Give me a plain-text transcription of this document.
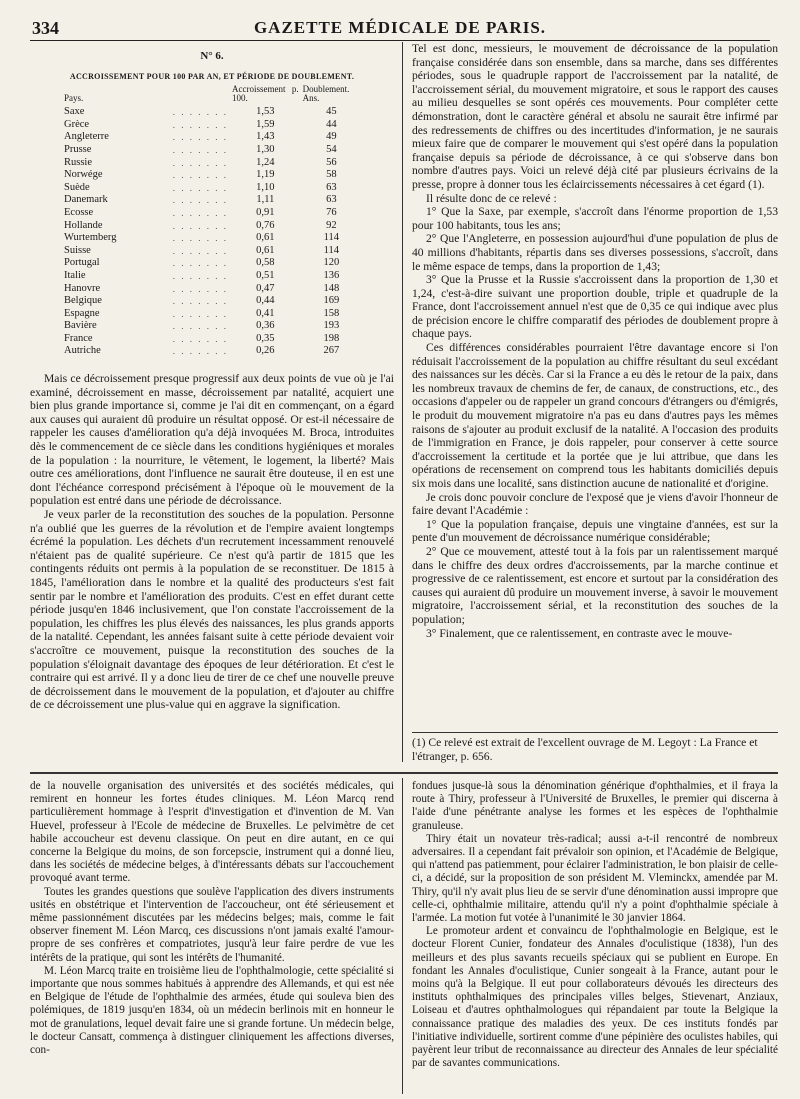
334	GAZETTE MÉDICALE DE PARIS.
N° 6.
ACCROISSEMENT POUR 100 PAR AN, ET PÉRIODE DE DOUBLEMENT.
Pays.		Accroissement p. 100.	Doublement. Ans.
Saxe	. . . . . . .	1,53	45
Grèce	. . . . . . .	1,59	44
Angleterre	. . . . . . .	1,43	49
Prusse	. . . . . . .	1,30	54
Russie	. . . . . . .	1,24	56
Norwége	. . . . . . .	1,19	58
Suède	. . . . . . .	1,10	63
Danemark	. . . . . . .	1,11	63
Ecosse	. . . . . . .	0,91	76
Hollande	. . . . . . .	0,76	92
Wurtemberg	. . . . . . .	0,61	114
Suisse	. . . . . . .	0,61	114
Portugal	. . . . . . .	0,58	120
Italie	. . . . . . .	0,51	136
Hanovre	. . . . . . .	0,47	148
Belgique	. . . . . . .	0,44	169
Espagne	. . . . . . .	0,41	158
Bavière	. . . . . . .	0,36	193
France	. . . . . . .	0,35	198
Autriche	. . . . . . .	0,26	267

Mais ce décroissement presque progressif aux deux points de vue où je l'ai examiné, décroissement en masse, décroissement par natalité, acquiert une bien plus grande importance si, comme je l'ai dit en commençant, on a égard aux causes qui auraient dû produire un résultat opposé. Or est-il nécessaire de rappeler les causes d'amélioration qu'a déjà invoquées M. Broca, introduites dès le commencement de ce siècle dans les conditions hygiéniques et morales de la population : la nourriture, le vêtement, le logement, la liberté? Mais outre ces améliorations, dont l'influence ne saurait être douteuse, il en est une dont l'échéance correspond précisément à l'époque où le mouvement de la population est entré dans une période de décroissance.

Je veux parler de la reconstitution des souches de la population. Personne n'a oublié que les guerres de la révolution et de l'empire avaient longtemps écrémé la population. Les déchets d'un recrutement incessamment renouvelé n'étaient pas de qualité supérieure. Ce n'est qu'à partir de 1815 que les contingents réduits ont permis à la population de se reconstituer. De 1815 à 1845, l'amélioration dans le nombre et la qualité des producteurs s'est fait sentir par le nombre et l'amélioration des produits. C'est en effet durant cette période jusqu'en 1846 inclusivement, que l'on constate l'accroissement de la population, les chiffres les plus élevés des naissances, les plus grands apports de la natalité. Cependant, les années faisant suite à cette période devaient voir s'accroître ce mouvement, puisque la reconstitution des souches de la population s'éloignait davantage des époques de leur détérioration. Et c'est le contraire qui est arrivé. Il y a donc lieu de tirer de ce chef une nouvelle preuve de décroissement dans le mouvement de la population, et d'ajouter au chiffre de ce décroissement une plus-value qui en aggrave la signification.

Tel est donc, messieurs, le mouvement de décroissance de la population française considérée dans son ensemble, dans sa marche, dans ses différentes périodes, sous le quadruple rapport de l'accroissement par la natalité, de l'accroissement sérial, du mouvement migratoire, et sous le rapport des causes au milieu desquelles se sont opérés ces mouvements. Pour compléter cette démonstration, dont le caractère général et absolu ne saurait être infirmé par des redressements de chiffres ou des incertitudes d'information, je ne saurais mieux faire que de comparer le mouvement qui s'est opéré dans la population française depuis sa période de décroissance, à ce qui s'observe dans bon nombre d'autres pays. Voici un relevé déjà cité par plusieurs écrivains de la presse, propre à donner tous les éclaircissements nécessaires à cet égard (1).

Il résulte donc de ce relevé :

1° Que la Saxe, par exemple, s'accroît dans l'énorme proportion de 1,53 pour 100 habitants, tous les ans;

2° Que l'Angleterre, en possession aujourd'hui d'une population de plus de 40 millions d'habitants, répartis dans ses diverses possessions, s'accroît, dans le même espace de temps, dans la proportion de 1,43;

3° Que la Prusse et la Russie s'accroissent dans la proportion de 1,30 et 1,24, c'est-à-dire suivant une proportion double, triple et quadruple de la France, dont l'accroissement annuel n'est que de 0,35 ce qui indique avec plus de précision encore le chiffre comparatif des périodes de doublement propre à chaque pays.

Ces différences considérables pourraient l'être davantage encore si l'on réduisait l'accroissement de la population au chiffre résultant du seul excédant des naissances sur les décès. Car si la France a eu dès le retour de la paix, dans les nombreux travaux de chemins de fer, de canaux, de constructions, etc., des occasions d'appeler ou de rappeler un grand concours d'étrangers ou d'émigrés, le produit du mouvement migratoire n'a pas eu dans d'autres pays les mêmes raisons de s'ajouter au produit exclusif de la natalité. A l'occasion des produits de l'immigration en France, je dois rappeler, pour conserver à cette source d'accroissement la certitude et la portée que je lui attribue, que dans les opérations de recensement on comprend tous les habitants domiciliés depuis six mois dans une localité, sans distinction aucune de nationalité et d'origine.

Je crois donc pouvoir conclure de l'exposé que je viens d'avoir l'honneur de faire devant l'Académie :

1° Que la population française, depuis une vingtaine d'années, est sur la pente d'un mouvement de décroissance numérique considérable;

2° Que ce mouvement, attesté tout à la fois par un ralentissement marqué dans le chiffre des deux ordres d'accroissements, par la marche continue et progressive de ce ralentissement, est encore et surtout par la considération des causes qui auraient dû produire un mouvement inverse, à savoir le mouvement migratoire, l'accroissement sérial, et la reconstitution des souches de la population;

3° Finalement, que ce ralentissement, en contraste avec le mouve-

(1) Ce relevé est extrait de l'excellent ouvrage de M. Legoyt : La France et l'étranger, p. 656.

de la nouvelle organisation des universités et des sociétés médicales, qui remirent en honneur les fortes études cliniques. M. Léon Marcq rend particulièrement hommage à l'esprit d'investigation et d'invention de M. Van Huevel, professeur à l'Ecole de médecine de Bruxelles. Le pelvimètre de cet habile accoucheur est devenu classique. On peut en dire autant, en ce qui concerne la Belgique du moins, de son forcepscie, instrument qui a donné lieu, dans les sociétés de médecine belges, à d'intéressants débats sur l'accouchement provoqué avant terme.

Toutes les grandes questions que soulève l'application des divers instruments usités en obstétrique et l'intervention de l'accoucheur, ont été sérieusement et même passionnément discutées par les médecins belges; mais, comme le fait observer finement M. Léon Marcq, ces discussions n'ont jamais exalté l'amour-propre de ses confrères et compatriotes, jusqu'à leur faire perdre de vue les intérêts de la pratique, qui sont les intérêts de l'humanité.

M. Léon Marcq traite en troisième lieu de l'ophthalmologie, cette spécialité si importante que nous sommes habitués à apprendre des Allemands, et qui est née en Belgique de l'étude de l'ophthalmie des armées, étude qui souleva bien des polémiques, de 1819 jusqu'en 1834, où un médecin berlinois mit en honneur le mot de granulations, lequel devait faire une si grande fortune. Un médecin belge, le docteur Cansatt, commença à distinguer cliniquement les affections diverses, con-

fondues jusque-là sous la dénomination générique d'ophthalmies, et il fraya la route à Thiry, professeur à l'Université de Bruxelles, le premier qui discerna à l'aide d'une pénétrante analyse les formes et les espèces de l'ophthalmie granuleuse.

Thiry était un novateur très-radical; aussi a-t-il rencontré de nombreux adversaires. Il a cependant fait prévaloir son opinion, et l'Académie de Belgique, qui n'attend pas patiemment, pour éclairer l'administration, le bon plaisir de celle-ci, a décidé, sur la proposition de son président M. Vleminckx, amendée par M. Thiry, qu'il n'y avait plus lieu de se servir d'une dénomination aussi impropre que celle-ci, ophthalmie militaire, attendu qu'il n'y a point d'ophthalmie spéciale à l'armée. La motion fut votée à l'unanimité le 30 janvier 1864.

Le promoteur ardent et convaincu de l'ophthalmologie en Belgique, est le docteur Florent Cunier, fondateur des Annales d'oculistique (1838), l'un des meilleurs et des plus savants recueils spéciaux qui se publient en Europe. En fondant les Annales d'oculistique, Cunier songeait à la France, autant pour le moins qu'à la Belgique. Il eut pour collaborateurs dévoués les directeurs des instituts ophthalmiques des principales villes belges, Stievenart, Anziaux, Loiseau et d'autres ophthalmologues qui répandaient par toute la Belgique la connaissance pratique des maladies des yeux. De ces instituts fondés par l'initiative individuelle, sortirent comme d'une pépinière des oculistes habiles, qui payèrent leur tribut de reconnaissance au directeur des Annales de leur spécialité par de savantes communications.
